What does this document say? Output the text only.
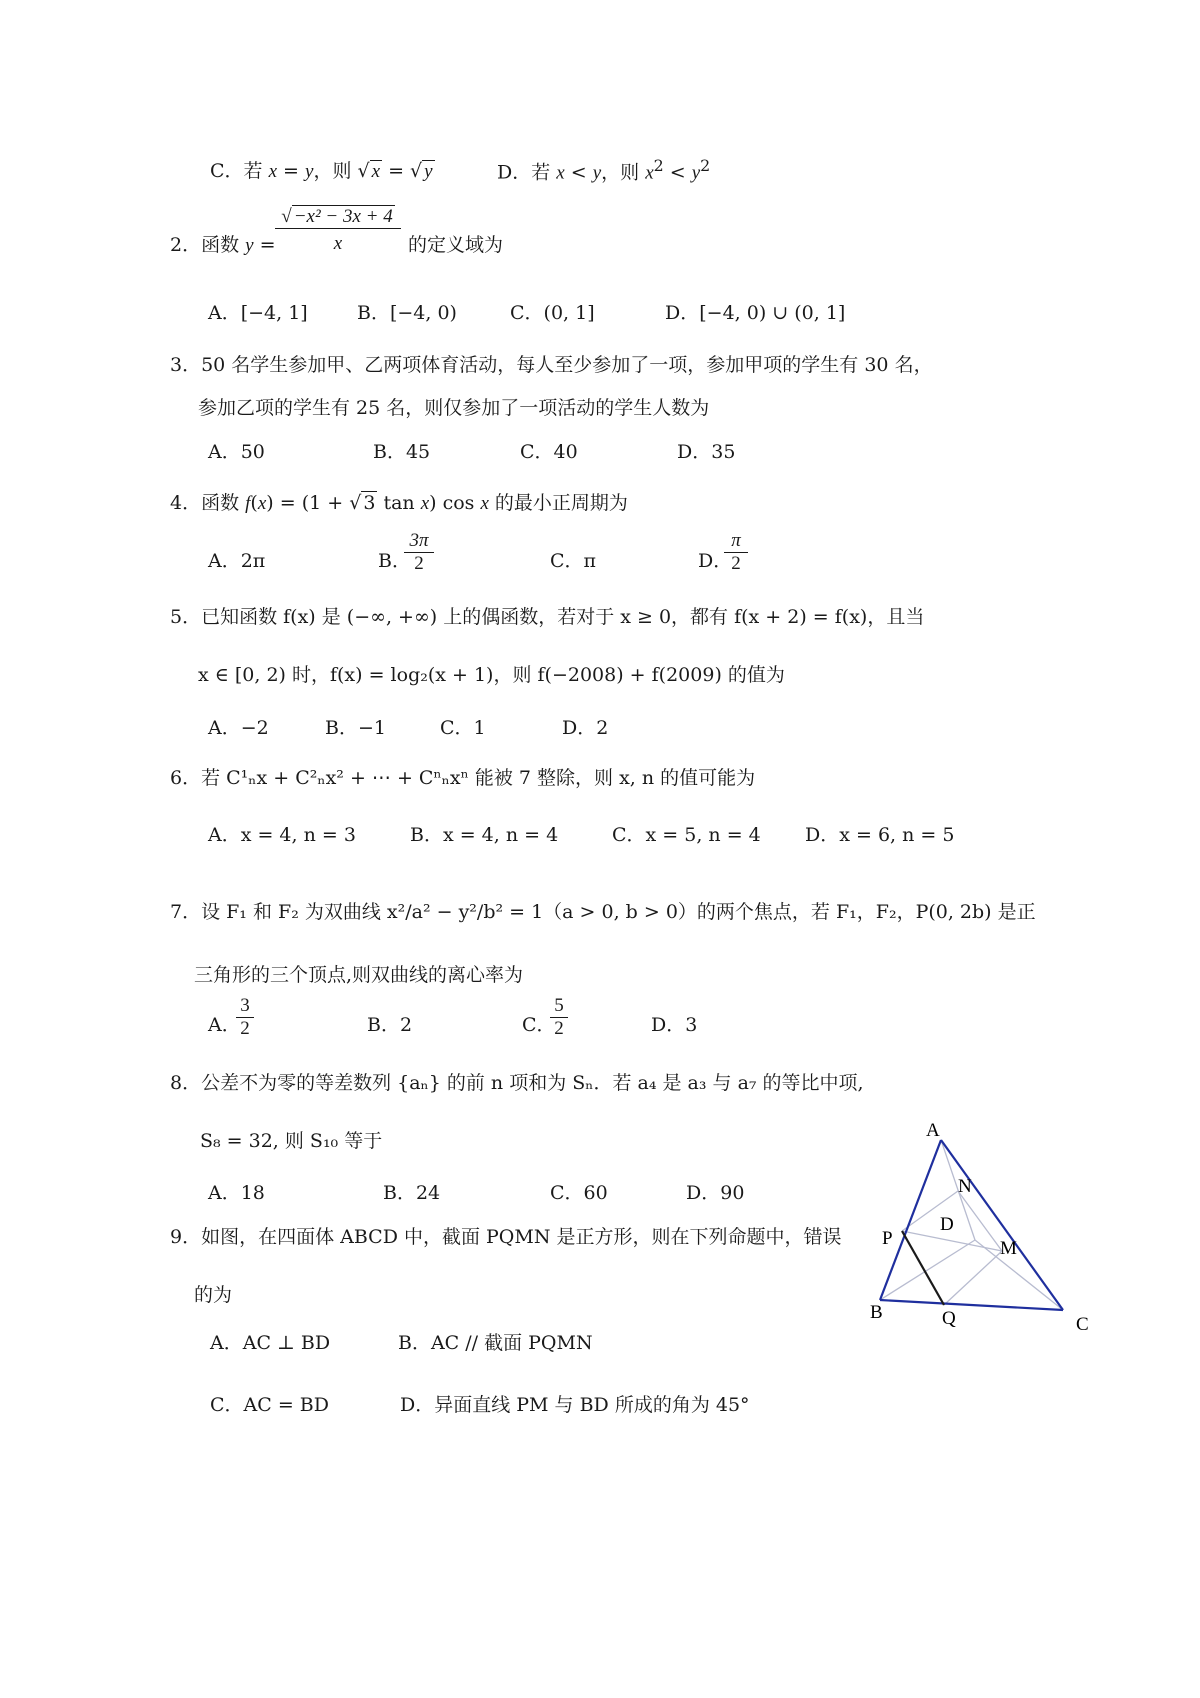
C．若 x = y，则 √ x = √ y	D．若 x < y，则 $x^2 < y^2$
2．函数 $y = \frac{\text{√ −x² − 3x + 4}}{x}$ 的定义域为
A．[−4, 1]	B．[−4, 0)	C．(0, 1]	D．[−4, 0) ∪ (0, 1]
3．50 名学生参加甲、乙两项体育活动，每人至少参加了一项，参加甲项的学生有 30 名，
参加乙项的学生有 25 名，则仅参加了一项活动的学生人数为
A．50	B．45	C．40	D．35
4．函数 f(x) = (1 + √ 3 tan x) cos x 的最小正周期为
A．2π	B．
$\frac{3\pi}{2}$	C．π	D．
$\frac{\pi}{2}$
5．已知函数 f(x) 是 (−∞, +∞) 上的偶函数，若对于 x ≥ 0，都有 f(x + 2) = f(x)，且当
x ∈ [0, 2) 时，f(x) = log₂(x + 1)，则 f(−2008) + f(2009) 的值为
A．−2	B．−1	C．1	D．2
6．若 C¹ₙx + C²ₙx² + ⋯ + Cⁿₙxⁿ 能被 7 整除，则 x, n 的值可能为
A．x = 4, n = 3	B．x = 4, n = 4	C．x = 5, n = 4 D．x = 6, n = 5
7．设 F₁ 和 F₂ 为双曲线 x²/a² − y²/b² = 1（a > 0, b > 0）的两个焦点，若 F₁，F₂，P(0, 2b) 是正
三角形的三个顶点,则双曲线的离心率为
A．
$\frac{3}{2}$	B．2	C．
$\frac{5}{2}$	D．3
8．公差不为零的等差数列 {aₙ} 的前 n 项和为 Sₙ．若 a₄ 是 a₃ 与 a₇ 的等比中项,
S₈ = 32, 则 S₁₀ 等于
A．18	B．24	C．60	D．90
9．如图，在四面体 ABCD 中，截面 PQMN 是正方形，则在下列命题中，错误
的为
A．AC ⊥ BD	B．AC // 截面 PQMN
C．AC = BD	D．异面直线 PM 与 BD 所成的角为 45°
A
B
C
D
P
Q
M
N
